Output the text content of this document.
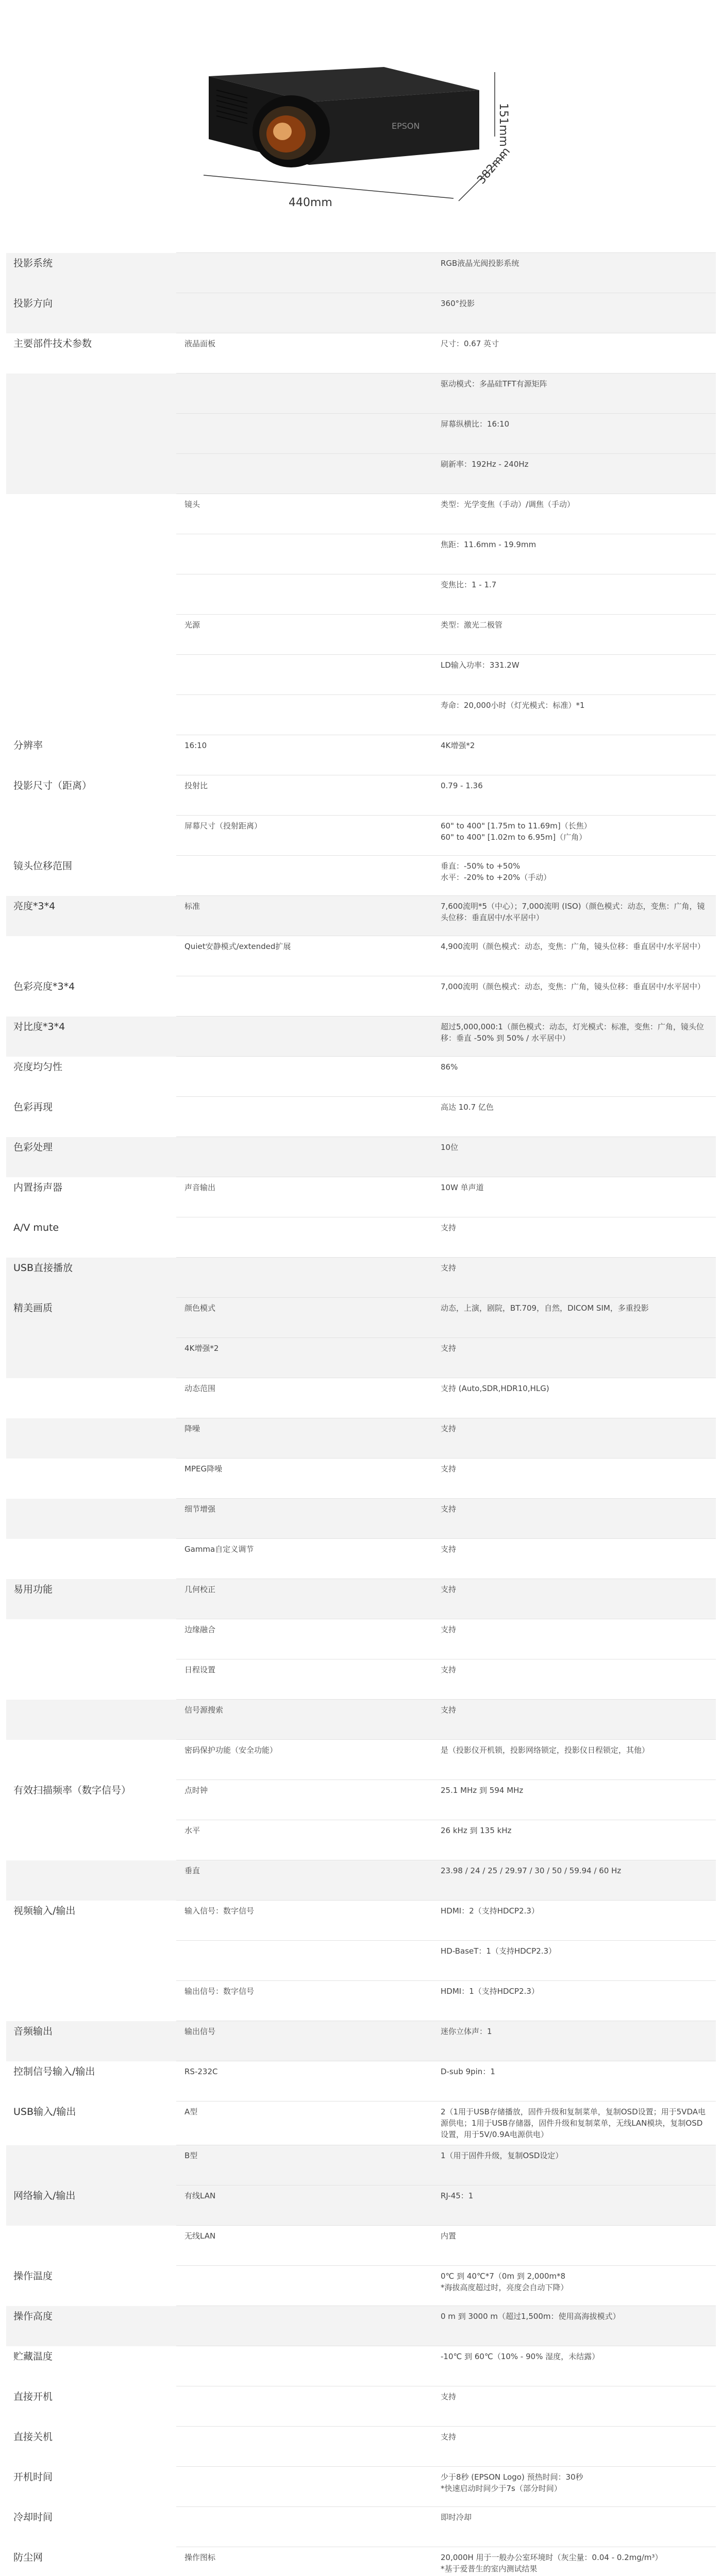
EPSON
440mm
151mm
382mm
投影系统		RGB液晶光阀投影系统
投影方向		360°投影
主要部件技术参数	液晶面板	尺寸：0.67 英寸
		驱动模式：多晶硅TFT有源矩阵
		屏幕纵横比：16:10
		刷新率：192Hz - 240Hz
	镜头	类型：光学变焦（手动）/调焦（手动）
		焦距：11.6mm - 19.9mm
		变焦比：1 - 1.7
	光源	类型：激光二极管
		LD输入功率：331.2W
		寿命：20,000小时（灯光模式：标准）*1
分辨率	16:10	4K增强*2
投影尺寸（距离）	投射比	0.79 - 1.36
	屏幕尺寸（投射距离）	60" to 400" [1.75m to 11.69m]（长焦）
60" to 400" [1.02m to 6.95m]（广角）
镜头位移范围		垂直：-50% to +50%
水平：-20% to +20%（手动）
亮度*3*4	标准	7,600流明*5（中心）；7,000流明 (ISO)（颜色模式：动态，变焦：广角，镜头位移：垂直居中/水平居中）
	Quiet安静模式/extended扩展	4,900流明（颜色模式：动态，变焦：广角，镜头位移：垂直居中/水平居中）
色彩亮度*3*4		7,000流明（颜色模式：动态，变焦：广角，镜头位移：垂直居中/水平居中）
对比度*3*4		超过5,000,000:1（颜色模式：动态，灯光模式：标准，变焦：广角，镜头位移：垂直 -50% 到 50% / 水平居中）
亮度均匀性		86%
色彩再现		高达 10.7 亿色
色彩处理		10位
内置扬声器	声音输出	10W 单声道
A/V mute		支持
USB直接播放		支持
精美画质	颜色模式	动态，上演，剧院，BT.709，自然，DICOM SIM，多重投影
	4K增强*2	支持
	动态范围	支持 (Auto,SDR,HDR10,HLG)
	降噪	支持
	MPEG降噪	支持
	细节增强	支持
	Gamma自定义调节	支持
易用功能	几何校正	支持
	边缘融合	支持
	日程设置	支持
	信号源搜索	支持
	密码保护功能（安全功能）	是（投影仪开机锁，投影网络锁定，投影仪日程锁定，其他）
有效扫描频率（数字信号）	点时钟	25.1 MHz 到 594 MHz
	水平	26 kHz 到 135 kHz
	垂直	23.98 / 24 / 25 / 29.97 / 30 / 50 / 59.94 / 60 Hz
视频输入/输出	输入信号：数字信号	HDMI：2（支持HDCP2.3）
		HD-BaseT：1（支持HDCP2.3）
	输出信号：数字信号	HDMI：1（支持HDCP2.3）
音频输出	输出信号	迷你立体声：1
控制信号输入/输出	RS-232C	D-sub 9pin：1
USB输入/输出	A型	2（1用于USB存储播放，固件升级和复制菜单，复制OSD设置；用于5VDA电源供电；1用于USB存储器，固件升级和复制菜单，无线LAN模块，复制OSD设置，用于5V/0.9A电源供电）
	B型	1（用于固件升级，复制OSD设定）
网络输入/输出	有线LAN	RJ-45：1
	无线LAN	内置
操作温度		0℃ 到 40℃*7（0m 到 2,000m*8
*海拔高度超过时，亮度会自动下降）
操作高度		0 m 到 3000 m（超过1,500m：使用高海拔模式）
贮藏温度		-10℃ 到 60℃（10% - 90% 湿度，未结露）
直接开机		支持
直接关机		支持
开机时间		少于8秒 (EPSON Logo) 预热时间：30秒
*快速启动时间少于7s（部分时间）
冷却时间		即时冷却
防尘网	操作图标	20,000H 用于一般办公室环境时（灰尘量：0.04 - 0.2mg/m³）
*基于爱普生的室内测试结果
